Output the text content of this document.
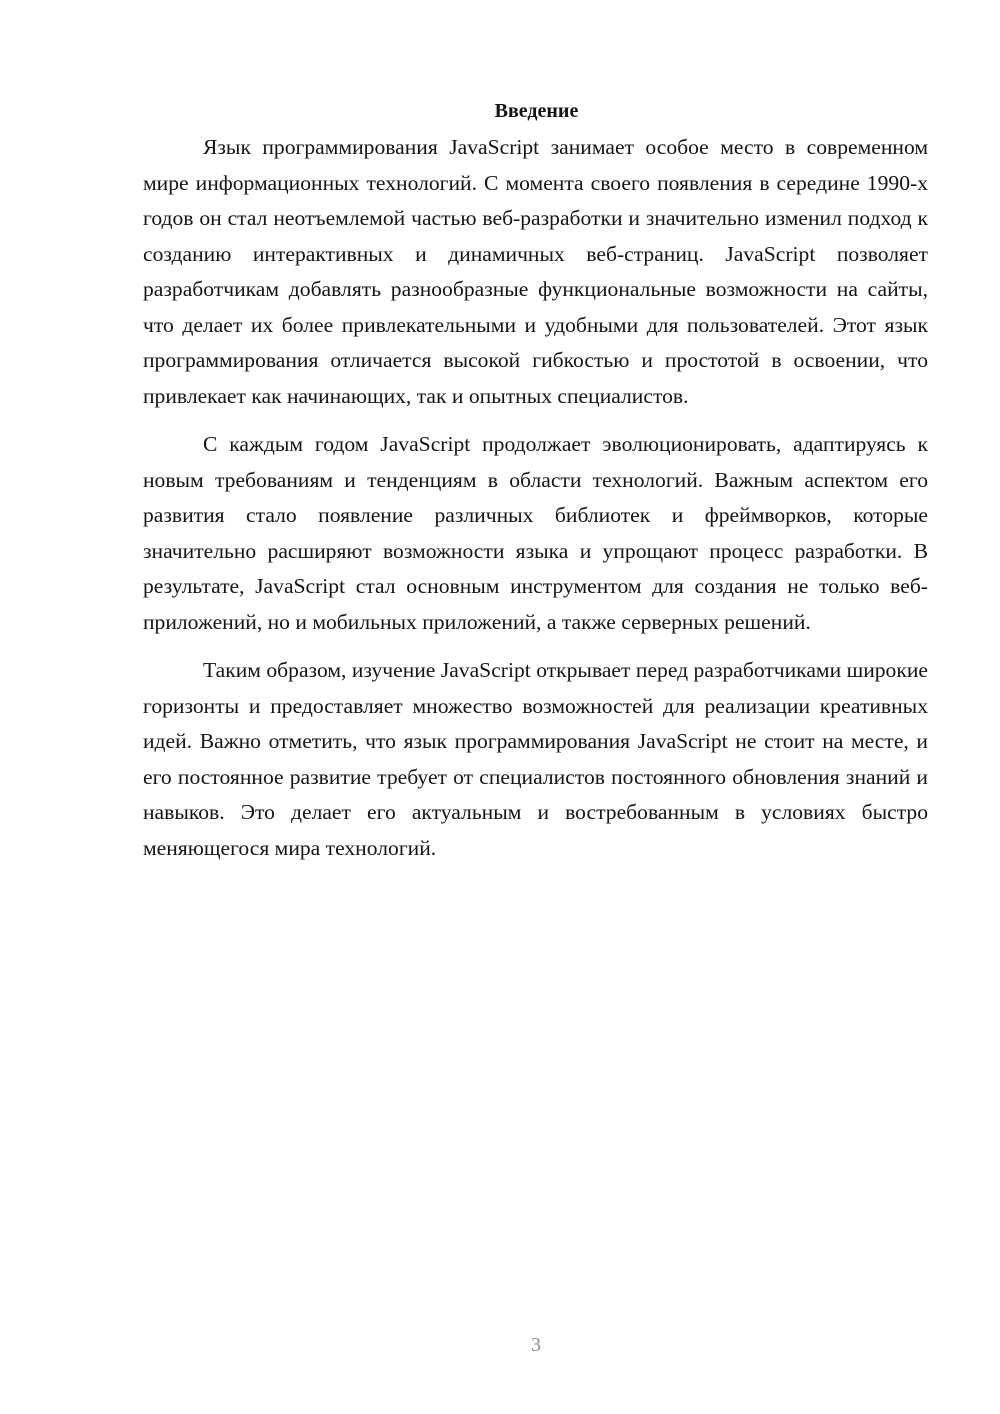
Введение

Язык программирования JavaScript занимает особое место в современном мире информационных технологий. С момента своего появления в середине 1990-х годов он стал неотъемлемой частью веб-разработки и значительно изменил подход к созданию интерактивных и динамичных веб-страниц. JavaScript позволяет разработчикам добавлять разнообразные функциональные возможности на сайты, что делает их более привлекательными и удобными для пользователей. Этот язык программирования отличается высокой гибкостью и простотой в освоении, что привлекает как начинающих, так и опытных специалистов.

С каждым годом JavaScript продолжает эволюционировать, адаптируясь к новым требованиям и тенденциям в области технологий. Важным аспектом его развития стало появление различных библиотек и фреймворков, которые значительно расширяют возможности языка и упрощают процесс разработки. В результате, JavaScript стал основным инструментом для создания не только веб-приложений, но и мобильных приложений, а также серверных решений.

Таким образом, изучение JavaScript открывает перед разработчиками широкие горизонты и предоставляет множество возможностей для реализации креативных идей. Важно отметить, что язык программирования JavaScript не стоит на месте, и его постоянное развитие требует от специалистов постоянного обновления знаний и навыков. Это делает его актуальным и востребованным в условиях быстро меняющегося мира технологий.

3
